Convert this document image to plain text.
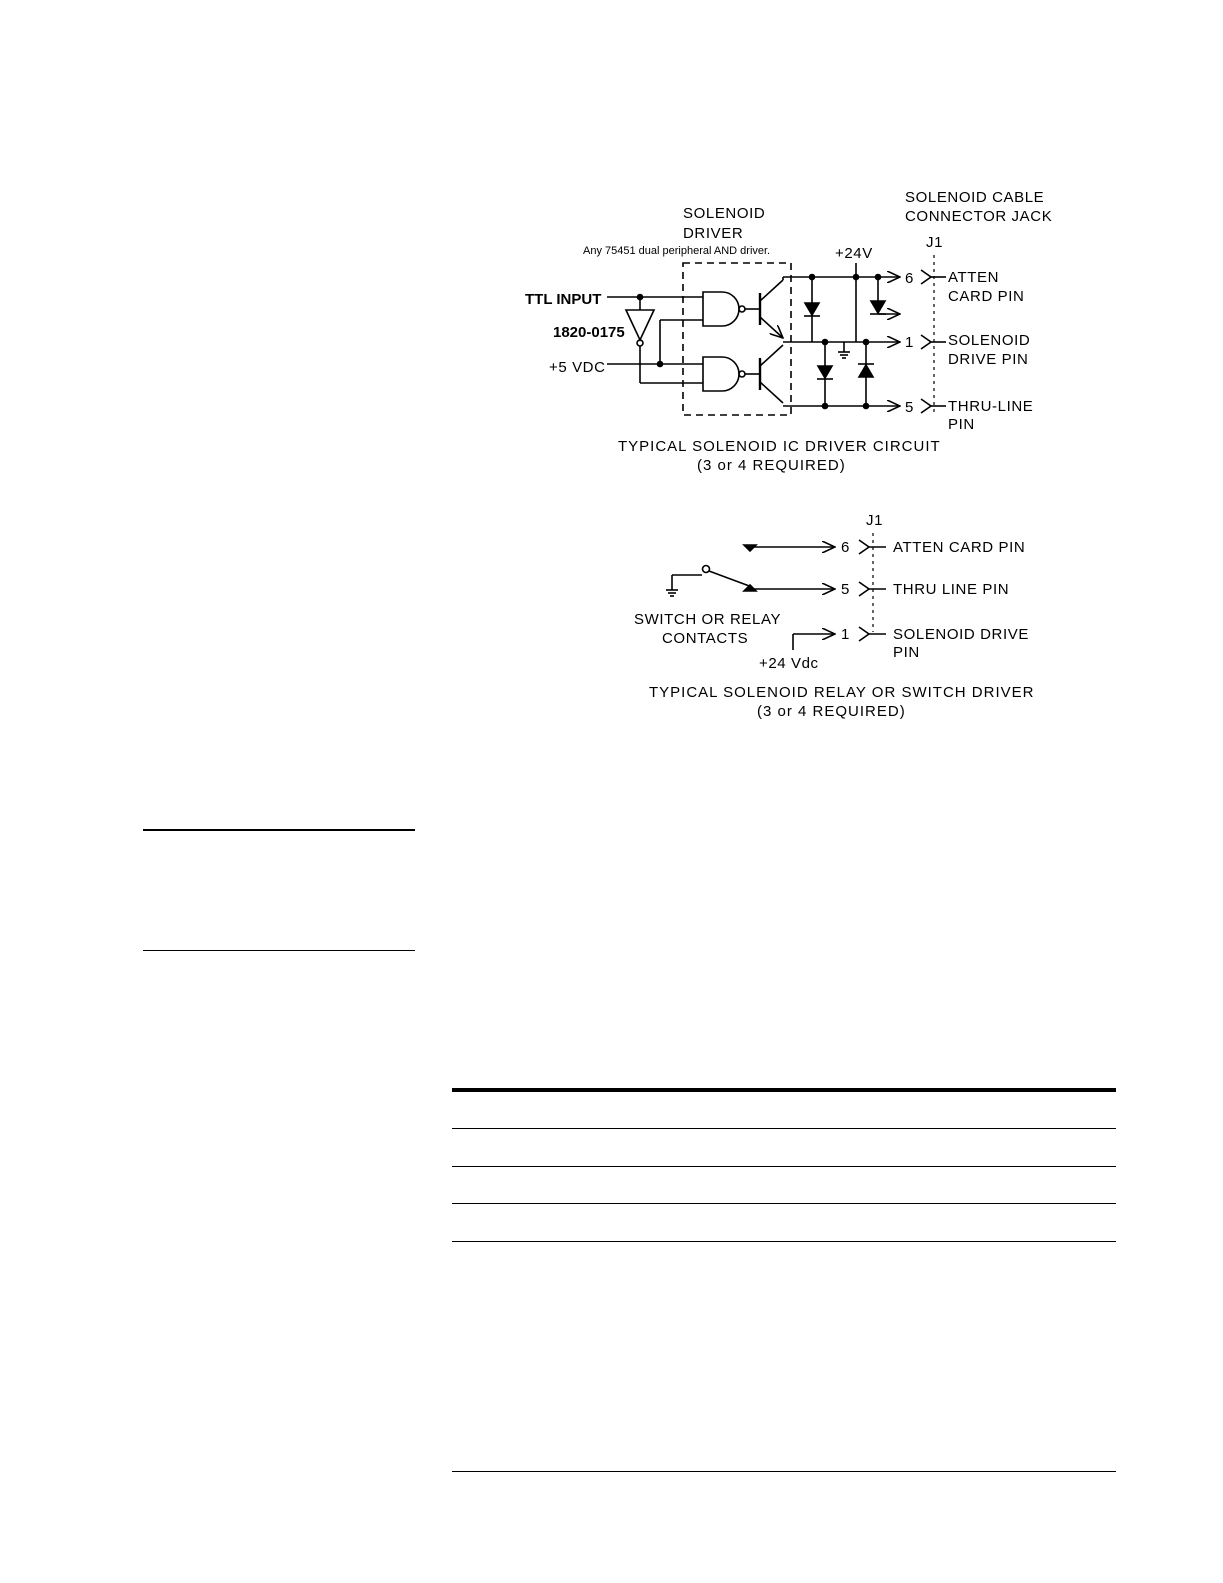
SOLENOID
DRIVER
Any 75451 dual peripheral AND driver.
SOLENOID CABLE
CONNECTOR JACK
J1
+24V
TTL INPUT
1820-0175
+5 VDC
6
1
5
ATTEN
CARD PIN
SOLENOID
DRIVE PIN
THRU-LINE
PIN
TYPICAL SOLENOID IC DRIVER CIRCUIT
(3 or 4 REQUIRED)
J1
6
5
1
ATTEN CARD PIN
THRU LINE PIN
SOLENOID DRIVE
PIN
SWITCH OR RELAY
CONTACTS
+24 Vdc
TYPICAL SOLENOID RELAY OR SWITCH DRIVER
(3 or 4 REQUIRED)
